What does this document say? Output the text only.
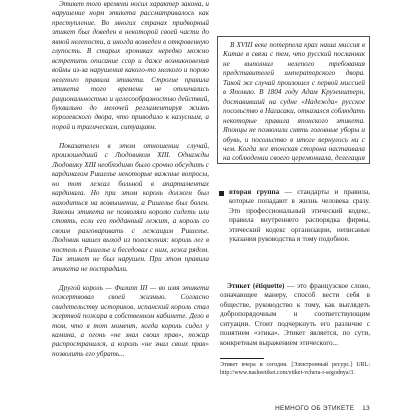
Этикет того времени носил характер закона, и нарушение норм этикета рассматривалось как преступление. Во многих странах придворный этикет был доведен в некоторой своей части до явной нелепости, а иногда возведен в откровенную глупость. В старых хрониках нередко можно встретить описание ссор и даже возникновения войны из-за нарушения какого-то мелкого и порою нелепого правила этикета. Строгие правила этикета того времени не отличались рациональностью и целесообразностью действий, буквально до мелочей регламентируя жизнь королевского двора, что приводило к казусным, а порой и трагическим, ситуациям.

Показателен в этом отношении случай, произошедший с Людовиком XIII. Однажды Людовику XIII необходимо было срочно обсудить с кардиналом Ришелье некоторые важные вопросы, но тот лежал больной в апартаментах кардинала. Но при этом король должен был находиться на возвышении, а Ришелье был болен. Законы этикета не позволяли королю сидеть или стоять, если его подданный лежит, а король со своим разговаривать с лежащим Ришелье. Людовик нашел выход из положения: король лег в постель к Ришелье и беседовал с ним, лежа рядом. Так этикет не был нарушен. При этом правила этикета не пострадали.

Другой король — Филипп III — во имя этикета пожертвовал своей жизнью. Согласно свидетельству историков, испанский король стал жертвой пожара в собственном кабинете. Дело в том, что в тот момент, когда король сидел у камина, а огонь «не знал своих прав», пожар распространился, а король «не знал своих прав» позволить его убрать...

В XVIII веке потерпела крах наша миссия в Китае в связи с тем, что русский посланник не выполнил нелепого требования представителей императорского двора. Такой же случай произошел с первой миссией в Японию. В 1804 году Адам Крузенштерн, доставивший на судне «Надежда» русское посольство в Нагасаки, отказался соблюдать некоторые правила японского этикета. Японцы не позволили снять головные уборы и обувь, и посольство в итоге вернулось ни с чем. Когда же японская сторона настаивала на соблюдении своего церемониала, делегация

вторая группа — стандарты и правила, которые попадают в жизнь человека сразу. Это профессиональный этический кодекс, правила внутреннего распорядка фирмы, этический кодекс организации, неписаные указания руководства и тому подобное.

Этикет (étiquette) — это французское слово, означающее манеру, способ вести себя в обществе, руководство к тому, как выглядеть добропорядочным и соответствующим ситуации. Стоит подчеркнуть его различие с понятием «этика». Этикет является, по сути, конкретным выражением этического...

Этикет вчера и сегодня. [Электронный ресурс.] URL: http://www.nasheetiket.com/etiket-vchera-i-segodnya/3.
НЕМНОГО ОБ ЭТИКЕТЕ 13
